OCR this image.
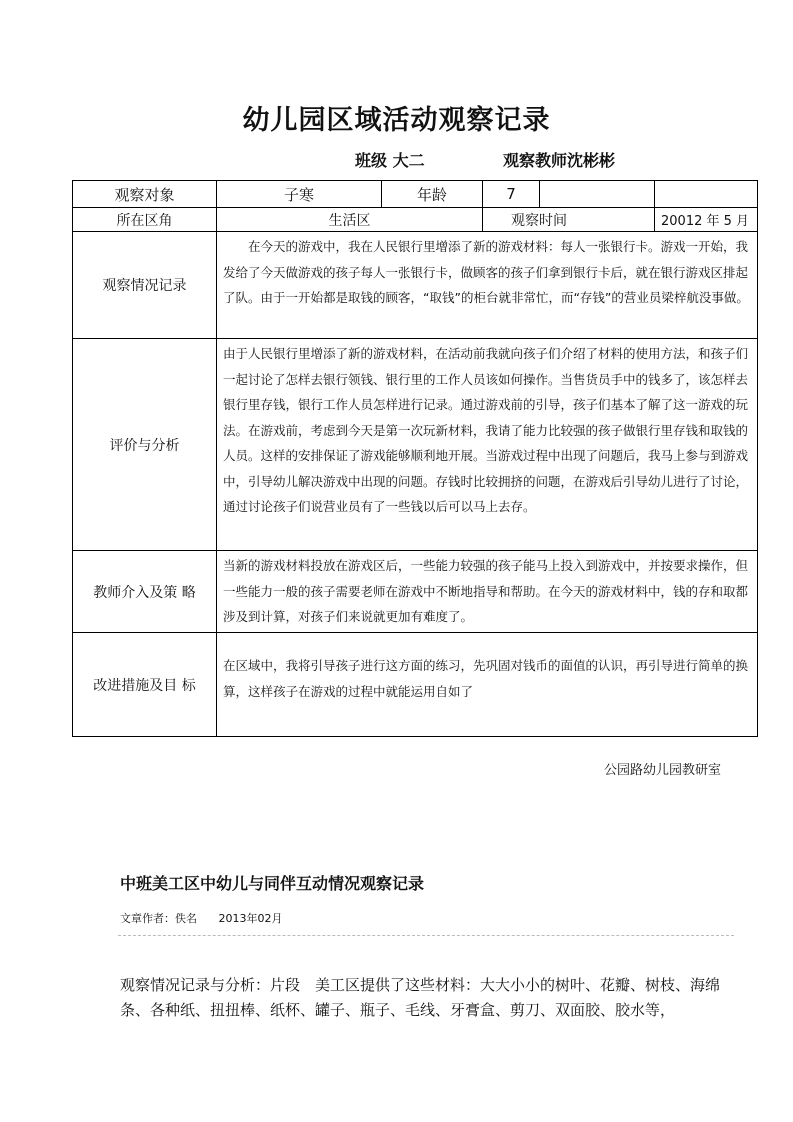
幼儿园区域活动观察记录
班级 大二	观察教师沈彬彬
观察对象	子寒	年龄	7		
所在区角	生活区		观察时间		20012 年 5 月
观察情况记录	在今天的游戏中，我在人民银行里增添了新的游戏材料：每人一张银行卡。游戏一开始，我发给了今天做游戏的孩子每人一张银行卡，做顾客的孩子们拿到银行卡后，就在银行游戏区排起了队。由于一开始都是取钱的顾客，“取钱”的柜台就非常忙，而“存钱”的营业员梁梓航没事做。				
评价与分析	由于人民银行里增添了新的游戏材料，在活动前我就向孩子们介绍了材料的使用方法，和孩子们一起讨论了怎样去银行领钱、银行里的工作人员该如何操作。当售货员手中的钱多了，该怎样去银行里存钱，银行工作人员怎样进行记录。通过游戏前的引导，孩子们基本了解了这一游戏的玩法。在游戏前，考虑到今天是第一次玩新材料，我请了能力比较强的孩子做银行里存钱和取钱的人员。这样的安排保证了游戏能够顺利地开展。当游戏过程中出现了问题后，我马上参与到游戏中，引导幼儿解决游戏中出现的问题。存钱时比较拥挤的问题，在游戏后引导幼儿进行了讨论，通过讨论孩子们说营业员有了一些钱以后可以马上去存。				
教师介入及策 略	当新的游戏材料投放在游戏区后，一些能力较强的孩子能马上投入到游戏中，并按要求操作，但一些能力一般的孩子需要老师在游戏中不断地指导和帮助。在今天的游戏材料中，钱的存和取都涉及到计算，对孩子们来说就更加有难度了。				
改进措施及目 标	在区域中，我将引导孩子进行这方面的练习，先巩固对钱币的面值的认识，再引导进行简单的换算，这样孩子在游戏的过程中就能运用自如了				
公园路幼儿园教研室
中班美工区中幼儿与同伴互动情况观察记录
文章作者：佚名 2013年02月
观察情况记录与分析：片段　美工区提供了这些材料：大大小小的树叶、花瓣、树枝、海绵条、各种纸、扭扭棒、纸杯、罐子、瓶子、毛线、牙膏盒、剪刀、双面胶、胶水等，
